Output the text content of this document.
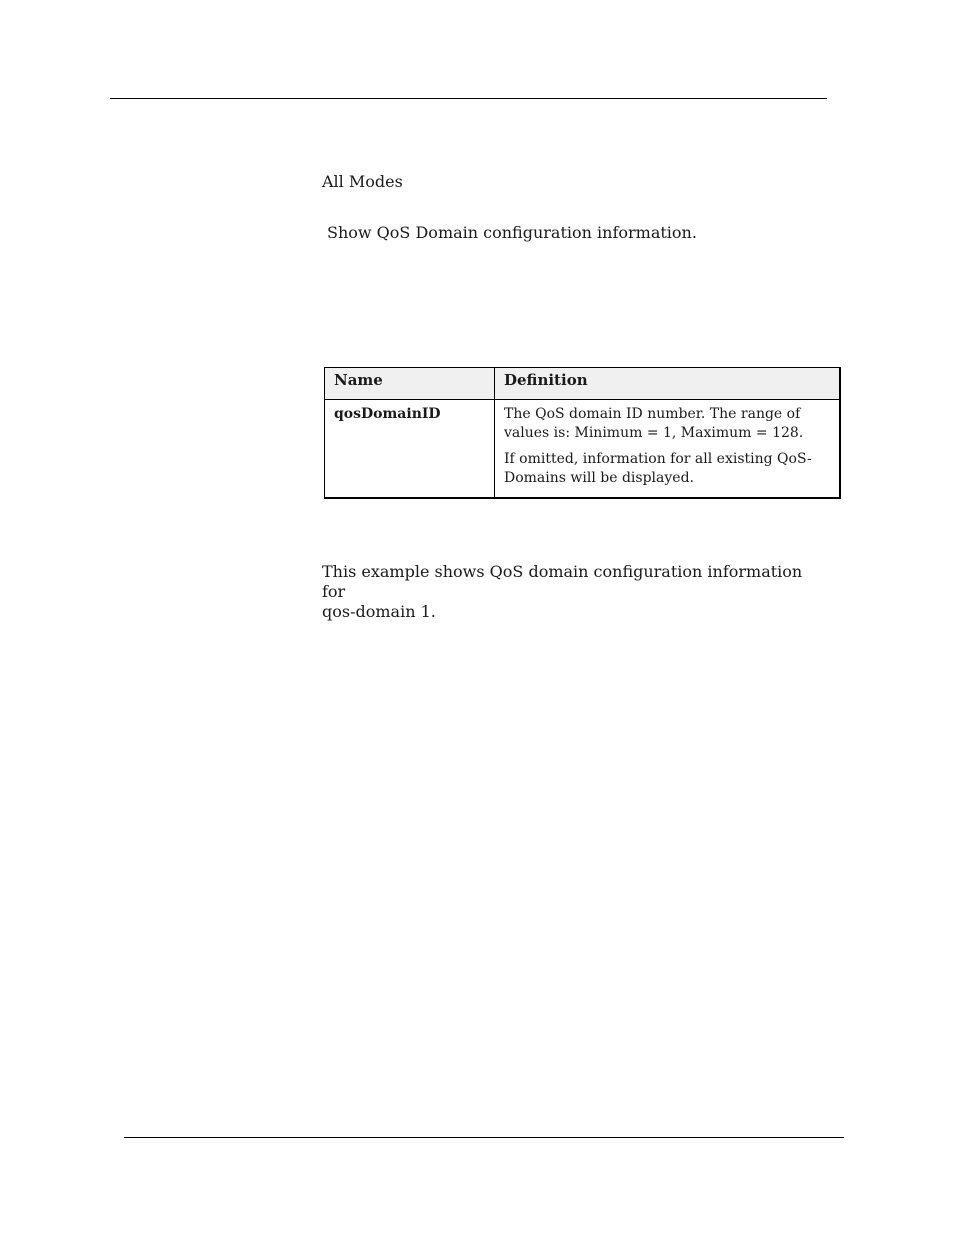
All Modes
Show QoS Domain configuration information.
Name	Definition
qosDomainID	The QoS domain ID number. The range of values is: Minimum = 1, Maximum = 128.

If omitted, information for all existing QoS-Domains will be displayed.

This example shows QoS domain configuration information for
qos-domain 1.
